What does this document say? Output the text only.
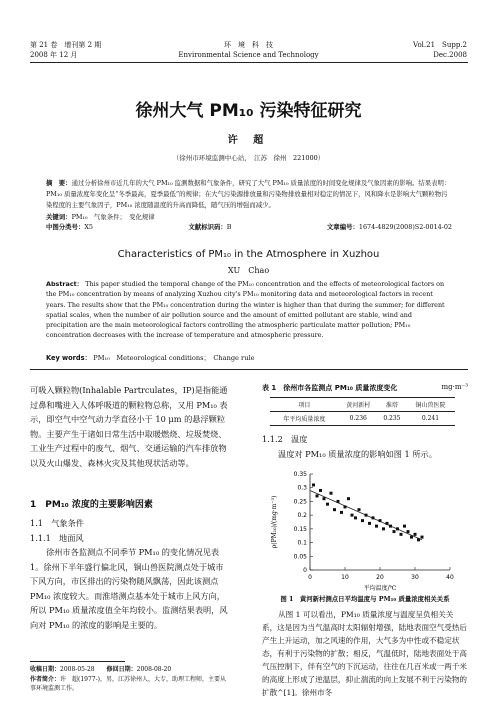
第 21 卷　增刊第 2 期
2008 年 12 月
环　境　科　技
Environmental Science and Technology
Vol.21　Supp.2
Dec.2008
徐州大气 PM₁₀ 污染特征研究
许 超
（徐州市环境监测中心站，　江苏　徐州　221000）
摘　要：通过分析徐州市近几年的大气 PM₁₀ 监测数据和气象条件，研究了大气 PM₁₀ 质量浓度的时间变化规律及气象因素的影响。结果表明：PM₁₀ 质量浓度年变化呈“冬季最高，夏季最低”的规律；在大气污染源排放量和污染物排放量相对稳定的情况下，风和降水是影响大气颗粒物污染程度的主要气象因子，PM₁₀ 浓度随温度的升高而降低，随气压的增强而减少。
关键词：PM₁₀　气象条件；　变化规律
中图分类号：X5	文献标识码：B	文章编号：1674-4829(2008)S2-0014-02
Characteristics of PM₁₀ in the Atmosphere in Xuzhou
XU　Chao
Abstract： This paper studied the temporal change of the PM₁₀ concentration and the effects of meteorological factors on the PM₁₀ concentration by means of analyzing Xuzhou city's PM₁₀ monitoring data and meteorological factors in recent years. The results show that the PM₁₀ concentration during the winter is higher than that during the summer; for different spatial scales, when the number of air pollution source and the amount of emitted pollutant are stable, wind and precipitation are the main meteorological factors controlling the atmospheric particulate matter pollution; PM₁₀ concentration decreases with the increase of temperature and atmospheric pressure.
Key words： PM₁₀　Meteorological conditions；　Change rule
可吸入颗粒物(Inhalable Partrculates，IP)是指能通过鼻和嘴进入人体呼吸道的颗粒物总称，又用 PM₁₀ 表示，即空气中空气动力学直径小于 10 μm 的悬浮颗粒物。主要产生于诸如日常生活中取暖燃烧、垃圾焚烧、工业生产过程中的废气、烟气、交通运输的汽车排放物以及火山爆发、森林火灾及其他现状活动等。
1　PM₁₀ 浓度的主要影响因素
1.1　气象条件
1.1.1　地面风
徐州市各监测点不同季节 PM₁₀ 的变化情况见表 1。徐州下半年盛行偏北风，铜山兽医院测点处于城市下风方向，市区排出的污染物随风飘荡，因此该测点 PM₁₀ 浓度较大。而淮塔测点基本处于城市上风方向，所以 PM₁₀ 质量浓度值全年均较小。监测结果表明，风向对 PM₁₀ 的浓度的影响是主要的。
收稿日期：2008-05-28　　 修回日期：2008-08-20
作者简介：许　超(1977-)，男，江苏徐州人，大专，助理工程师，主要从事环境监测工作。
表 1　徐州市各监测点 PM₁₀ 质量浓度变化	mg·m⁻³
项目	黄河新村	淮塔	铜山兽医院
年平均质量浓度	0.236	0.235	0.241
1.1.2　温度
温度对 PM₁₀ 质量浓度的影响如图 1 所示。
0	10	20	30	40
0
0.05
0.1
0.15
0.2
0.25
0.3
0.35
平均温度/℃
ρ(PM₁₀)/(mg·m⁻³)
图 1　黄河新村测点日平均温度与 PM₁₀ 质量浓度相关关系
从图 1 可以看出，PM₁₀ 质量浓度与温度呈负相关关系，这是因为当气温高时太阳辐射增强，陆地表面空气受热后产生上升运动，加之风速的作用，大气多为中性或不稳定状态，有利于污染物的扩散；相反，气温低时，陆地表面处于高气压控制下，伴有空气的下沉运动，往往在几百米或一两千米的高度上形成了逆温层，抑止湍流的向上发展不利于污染物的扩散^[1]。徐州市冬
